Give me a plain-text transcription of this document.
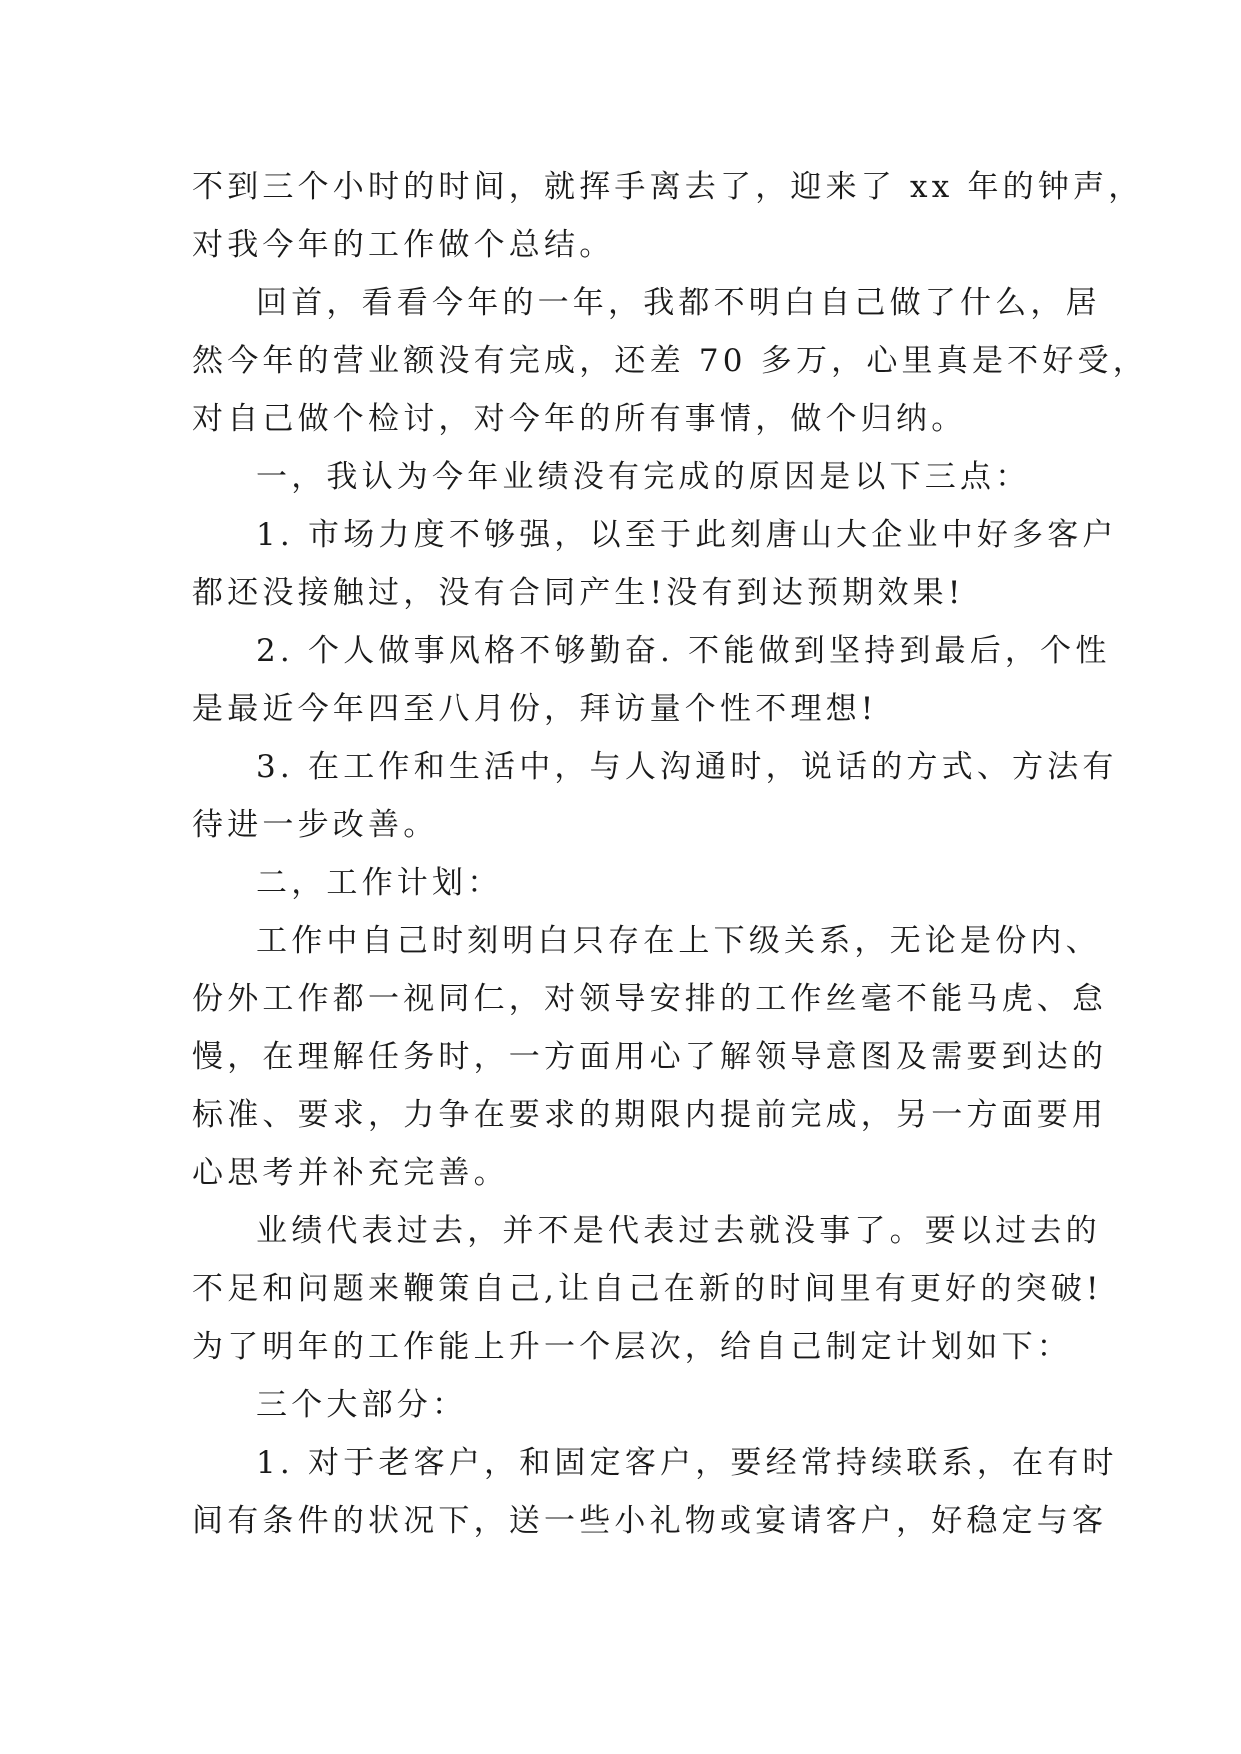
不到三个小时的时间，就挥手离去了，迎来了 xx 年的钟声，
对我今年的工作做个总结。
回首，看看今年的一年，我都不明白自己做了什么，居
然今年的营业额没有完成，还差 70 多万，心里真是不好受，
对自己做个检讨，对今年的所有事情，做个归纳。
一，我认为今年业绩没有完成的原因是以下三点：
1. 市场力度不够强，以至于此刻唐山大企业中好多客户
都还没接触过，没有合同产生!没有到达预期效果!
2. 个人做事风格不够勤奋. 不能做到坚持到最后，个性
是最近今年四至八月份，拜访量个性不理想!
3. 在工作和生活中，与人沟通时，说话的方式、方法有
待进一步改善。
二，工作计划：
工作中自己时刻明白只存在上下级关系，无论是份内、
份外工作都一视同仁，对领导安排的工作丝毫不能马虎、怠
慢，在理解任务时，一方面用心了解领导意图及需要到达的
标准、要求，力争在要求的期限内提前完成，另一方面要用
心思考并补充完善。
业绩代表过去，并不是代表过去就没事了。要以过去的
不足和问题来鞭策自己,让自己在新的时间里有更好的突破!
为了明年的工作能上升一个层次，给自己制定计划如下：
三个大部分：
1. 对于老客户，和固定客户，要经常持续联系，在有时
间有条件的状况下，送一些小礼物或宴请客户，好稳定与客
